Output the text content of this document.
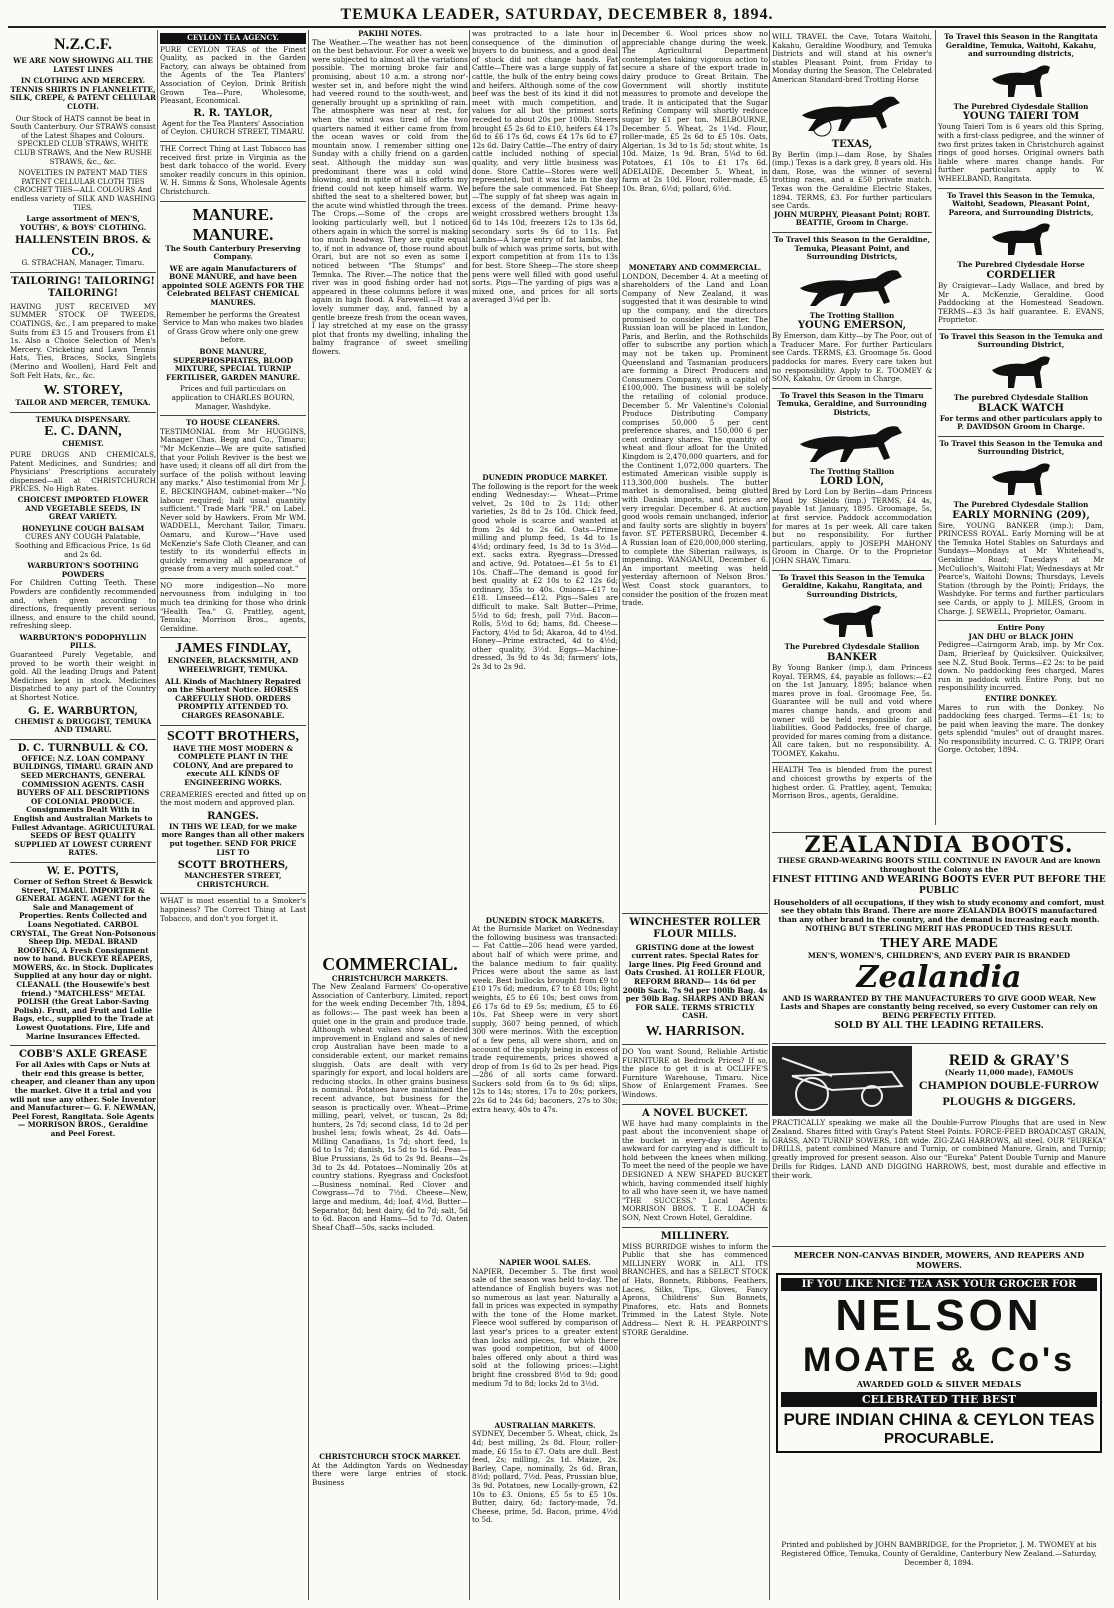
TEMUKA LEADER, SATURDAY, DECEMBER 8, 1894.
N.Z.C.F.
WE ARE NOW SHOWING ALL THE LATEST LINES
IN CLOTHING AND MERCERY. TENNIS SHIRTS IN FLANNELETTE, SILK, CREPE, & PATENT CELLULAR CLOTH.
Our Stock of HATS cannot be beat in South Canterbury. Our STRAWS consist of the Latest Shapes and Colours. SPECKLED CLUB STRAWS, WHITE CLUB STRAWS, And the New RUSHE STRAWS, &c., &c.
NOVELTIES IN PATENT MAD TIES PATENT CELLULAR CLOTH TIES CROCHET TIES—ALL COLOURS And endless variety of SILK AND WASHING TIES.
Large assortment of MEN'S, YOUTHS', & BOYS' CLOTHING.
HALLENSTEIN BROS. & CO.,
G. STRACHAN, Manager, Timaru.
TAILORING! TAILORING! TAILORING!
HAVING JUST RECEIVED MY SUMMER STOCK OF TWEEDS, COATINGS, &c., I am prepared to make Suits from £3 15 and Trousers from £1 1s. Also a Choice Selection of Men's Mercery. Cricketing and Lawn Tennis Hats, Ties, Braces, Socks, Singlets (Merino and Woollen), Hard Felt and Soft Felt Hats, &c., &c.
W. STOREY,
TAILOR AND MERCER, TEMUKA.
TEMUKA DISPENSARY.
E. C. DANN,
CHEMIST.
PURE DRUGS AND CHEMICALS, Patent Medicines, and Sundries; and Physicians' Prescriptions accurately dispensed—all at CHRISTCHURCH PRICES. No High Rates.
CHOICEST IMPORTED FLOWER AND VEGETABLE SEEDS, IN GREAT VARIETY.
HONEYLINE COUGH BALSAM
CURES ANY COUGH Palatable, Soothing and Efficacious Price, 1s 6d and 2s 6d.
WARBURTON'S SOOTHING POWDERS
For Children Cutting Teeth. These Powders are confidently recommended and, when given according to directions, frequently prevent serious illness, and ensure to the child sound, refreshing sleep.
WARBURTON'S PODOPHYLLIN PILLS.
Guaranteed Purely Vegetable, and proved to be worth their weight in gold. All the leading Drugs and Patent Medicines kept in stock. Medicines Dispatched to any part of the Country at Shortest Notice.
G. E. WARBURTON,
CHEMIST & DRUGGIST, TEMUKA AND TIMARU.
D. C. TURNBULL & CO.
OFFICE: N.Z. LOAN COMPANY BUILDINGS, TIMARU. GRAIN AND SEED MERCHANTS, GENERAL COMMISSION AGENTS. CASH BUYERS OF ALL DESCRIPTIONS OF COLONIAL PRODUCE. Consignments Dealt With in English and Australian Markets to Fullest Advantage. AGRICULTURAL SEEDS OF BEST QUALITY SUPPLIED AT LOWEST CURRENT RATES.
W. E. POTTS,
Corner of Sefton Street & Beswick Street, TIMARU. IMPORTER & GENERAL AGENT. AGENT for the Sale and Management of Properties. Rents Collected and Loans Negotiated. CARBOL CRYSTAL, The Great Non-Poisonous Sheep Dip. MEDAL BRAND ROOFING, A Fresh Consignment now to hand. BUCKEYE REAPERS, MOWERS, &c. in Stock. Duplicates Supplied at any hour day or night. CLEANALL (the Housewife's best friend.) "MATCHLESS" METAL POLISH (the Great Labor-Saving Polish). Fruit, and Fruit and Lollie Bags, etc., supplied to the Trade at Lowest Quotations. Fire, Life and Marine Insurances Effected.
COBB'S AXLE GREASE
For all Axles with Caps or Nuts at their end this grease is better, cheaper, and cleaner than any upon the market. Give it a trial and you will not use any other. Sole Inventor and Manufacturer— G. F. NEWMAN, Peel Forest, Rangitata. Sole Agents— MORRISON BROS., Geraldine and Peel Forest.
CEYLON TEA AGENCY.
PURE CEYLON TEAS of the Finest Quality, as packed in the Garden Factory, can always be obtained from the Agents of the Tea Planters' Association of Ceylon. Drink British Grown Tea—Pure, Wholesome, Pleasant, Economical.
R. R. TAYLOR,
Agent for the Tea Planters' Association of Ceylon. CHURCH STREET, TIMARU.
THE Correct Thing at Last Tobacco has received first prize in Virginia as the best dark tobacco of the world. Every smoker readily concurs in this opinion. W. H. Simms & Sons, Wholesale Agents Christchurch.
MANURE. MANURE.
The South Canterbury Preserving Company.
WE are again Manufacturers of BONE MANURE, and have been appointed SOLE AGENTS FOR THE Celebrated BELFAST CHEMICAL MANURES.
Remember he performs the Greatest Service to Man who makes two blades of Grass Grow where only one grew before.
BONE MANURE, SUPERPHOSPHATES, BLOOD MIXTURE, SPECIAL TURNIP FERTILISER, GARDEN MANURE.
Prices and full particulars on application to CHARLES BOURN, Manager, Washdyke.
TO HOUSE CLEANERS.
TESTIMONIAL from Mr HUGGINS, Manager Chas. Begg and Co., Timaru: "Mr McKenzie—We are quite satisfied that your Polish Reviver is the best we have used; it cleans off all dirt from the surface of the polish without leaving any marks." Also testimonial from Mr J. E. BECKINGHAM, cabinet-maker—"No labour required; half usual quantity sufficient." Trade Mark "P.R." on Label. Never sold by Hawkers. From Mr WM. WADDELL, Merchant Tailor, Timaru. Oamaru, and Kurow—"Have used McKenzie's Safe Cloth Cleaner, and can testify to its wonderful effects in quickly removing all appearance of grease from a very much soiled coat."
NO more indigestion—No more nervousness from indulging in too much tea drinking for those who drink "Health Tea." G. Prattley, agent, Temuka; Morrison Bros., agents, Geraldine.
JAMES FINDLAY,
ENGINEER, BLACKSMITH, AND WHEELWRIGHT, TEMUKA.
ALL Kinds of Machinery Repaired on the Shortest Notice. HORSES CAREFULLY SHOD. ORDERS PROMPTLY ATTENDED TO. CHARGES REASONABLE.
SCOTT BROTHERS,
HAVE THE MOST MODERN & COMPLETE PLANT IN THE COLONY, And are prepared to execute ALL KINDS OF ENGINEERING WORKS.
CREAMERIES erected and fitted up on the most modern and approved plan.
RANGES.
IN THIS WE LEAD, for we make more Ranges than all other makers put together. SEND FOR PRICE LIST TO
SCOTT BROTHERS,
MANCHESTER STREET, CHRISTCHURCH.
WHAT is most essential to a Smoker's happiness? The Correct Thing at Last Tobacco, and don't you forget it.
PAKIHI NOTES.
The Weather.—The weather has not been on the best behaviour. For over a week we were subjected to almost all the variations possible. The morning broke fair and promising, about 10 a.m. a strong nor'-wester set in, and before night the wind had veered round to the south-west, and generally brought up a sprinkling of rain. The atmosphere was near at rest, for when the wind was tired of the two quarters named it either came from from the ocean waves or cold from the mountain snow. I remember sitting one Sunday with a chilly friend on a garden seat. Although the midday sun was predominant there was a cold wind blowing, and in spite of all his efforts my friend could not keep himself warm. We shifted the seat to a sheltered bower, but the acute wind whistled through the trees. The Crops.—Some of the crops are looking particularly well, but I noticed others again in which the sorrel is making too much headway. They are quite equal to, if not in advance of, those round about Orari, but are not so even as some I noticed between "The Stumps" and Temuka. The River.—The notice that the river was in good fishing order had not appeared in these columns before it was again in high flood. A Farewell.—It was a lovely summer day, and, fanned by a gentle breeze fresh from the ocean waves, I lay stretched at my ease on the grassy plot that fronts my dwelling, inhaling the balmy fragrance of sweet smelling flowers.
COMMERCIAL.
CHRISTCHURCH MARKETS.
The New Zealand Farmers' Co-operative Association of Canterbury, Limited, report for the week ending December 7th, 1894, as follows:— The past week has been a quiet one in the grain and produce trade. Although wheat values show a decided improvement in England and sales of new crop Australian have been made to a considerable extent, our market remains sluggish. Oats are dealt with very sparingly for export, and local holders are reducing stocks. In other grains business is nominal. Potatoes have maintained the recent advance, but business for the season is practically over. Wheat—Prime milling, pearl, velvet, or tuscan, 2s 8d; hunters, 2s 7d; second class, 1d to 2d per bushel less; fowls wheat, 2s 4d. Oats—Milling Canadians, 1s 7d; short feed, 1s 6d to 1s 7d; danish, 1s 5d to 1s 6d. Peas—Blue Prussians, 2s 6d to 2s 9d. Beans—2s 3d to 2s 4d. Potatoes—Nominally 20s at country stations. Ryegrass and Cocksfoot—Business nominal. Red Clover and Cowgrass—7d to 7½d. Cheese—New, large and medium, 4d; loaf, 4½d. Butter—Separator, 8d; best dairy, 6d to 7d; salt, 5d to 6d. Bacon and Hams—5d to 7d. Oaten Sheaf Chaff—50s, sacks included.
CHRISTCHURCH STOCK MARKET.
At the Addington Yards on Wednesday there were large entries of stock. Business
was protracted to a late hour in consequence of the diminution of buyers to do business, and a good deal of stock did not change hands. Fat Cattle—There was a large supply of fat cattle, the bulk of the entry being cows and heifers. Although some of the cow beef was the best of its kind it did not meet with much competition, and values for all but the primest sorts receded to about 20s per 100lb. Steers brought £5 2s 6d to £10, heifers £4 17s 6d to £6 17s 6d, cows £4 17s 6d to £7 12s 6d. Dairy Cattle—The entry of dairy cattle included nothing of special quality, and very little business was done. Store Cattle—Stores were well represented, but it was late in the day before the sale commenced. Fat Sheep—The supply of fat sheep was again in excess of the demand. Prime heavy-weight crossbred wethers brought 13s 6d to 14s 10d, freezers 12s to 13s 6d, secondary sorts 9s 6d to 11s. Fat Lambs—A large entry of fat lambs, the bulk of which was prime sorts, but with export competition at from 11s to 13s for best. Store Sheep—The store sheep pens were well filled with good useful sorts. Pigs—The yarding of pigs was a mixed one, and prices for all sorts averaged 3¼d per lb.
DUNEDIN PRODUCE MARKET.
The following is the report for the week ending Wednesday:— Wheat—Prime velvet, 2s 10d to 2s 11d; other varieties, 2s 8d to 2s 10d. Chick feed, good whole is scarce and wanted at from 2s 4d to 2s 6d. Oats—Prime milling and plump feed, 1s 4d to 1s 4½d; ordinary feed, 1s 3d to 1s 3½d—ext. sacks extra. Ryegrass—Dressed and active, 9d. Potatoes—£1 5s to £1 10s. Chaff—The demand is good for best quality at £2 10s to £2 12s 6d; ordinary, 35s to 40s. Onions—£17 to £18. Linseed—£12. Pigs—Sales are difficult to make. Salt Butter—Prime, 5½d to 6d; fresh, poll 7½d. Bacon—Rolls, 5½d to 6d; hams, 8d. Cheese—Factory, 4½d to 5d; Akaroa, 4d to 4½d. Honey—Prime extracted, 4d to 4½d; other quality, 3½d. Eggs—Machine-dressed, 3s 9d to 4s 3d; farmers' lots, 2s 3d to 2s 9d.
DUNEDIN STOCK MARKETS.
At the Burnside Market on Wednesday the following business was transacted:— Fat Cattle—206 head were yarded, about half of which were prime, and the balance medium to fair quality. Prices were about the same as last week. Best bullocks brought from £9 to £10 17s 6d; medium, £7 to £8 10s; light weights, £5 to £6 10s; best cows from £6 17s 6d to £9 5s; medium, £5 to £6 10s. Fat Sheep were in very short supply, 3607 being penned, of which 300 were merinos. With the exception of a few pens, all were shorn, and on account of the supply being in excess of trade requirements, prices showed a drop of from 1s 6d to 2s per head. Pigs—286 of all sorts came forward. Suckers sold from 6s to 9s 6d; slips, 12s to 14s; stores, 17s to 20s; porkers, 22s 6d to 24s 6d; baconers, 27s to 30s; extra heavy, 40s to 47s.
NAPIER WOOL SALES.
NAPIER, December 5. The first wool sale of the season was held to-day. The attendance of English buyers was not so numerous as last year. Naturally a fall in prices was expected in sympathy with the tone of the Home market. Fleece wool suffered by comparison of last year's prices to a greater extent than locks and pieces, for which there was good competition, but of 4000 bales offered only about a third was sold at the following prices:—Light bright fine crossbred 8½d to 9d; good medium 7d to 8d; locks 2d to 3½d.
AUSTRALIAN MARKETS.
SYDNEY, December 5. Wheat, chick, 2s 4d; best milling, 2s 8d. Flour, roller-made, £6 15s to £7. Oats are dull. Best feed, 2s; milling, 2s 1d. Maize, 2s. Barley, Cape, nominally, 2s 6d. Bran, 8½d; pollard, 7½d. Peas, Prussian blue, 3s 9d. Potatoes, new Locally-grown, £2 10s to £3. Onions, £5 5s to £5 10s. Butter, dairy, 6d; factory-made, 7d. Cheese, prime, 5d. Bacon, prime, 4½d to 5d.
December 6. Wool prices show no appreciable change during the week. The Agricultural Department contemplates taking vigorous action to secure a share of the export trade in dairy produce to Great Britain. The Government will shortly institute measures to promote and develope the trade. It is anticipated that the Sugar Refining Company will shortly reduce sugar by £1 per ton. MELBOURNE, December 5. Wheat, 2s 1¼d. Flour, roller-made, £5 2s 6d to £5 10s. Oats, Algerian, 1s 3d to 1s 5d; stout white, 1s 10d. Maize, 1s 9d. Bran, 5¼d to 6d. Potatoes, £1 10s to £1 17s 6d. ADELAIDE, December 5. Wheat, in farm at 2s 10d. Flour, roller-made, £5 10s. Bran, 6½d; pollard, 6½d.
MONETARY AND COMMERCIAL.
LONDON, December 4. At a meeting of shareholders of the Land and Loan Company of New Zealand, it was suggested that it was desirable to wind up the company, and the directors promised to consider the matter. The Russian loan will be placed in London, Paris, and Berlin, and the Rothschilds offer to subscribe any portion which may not be taken up. Prominent Queensland and Tasmanian producers are forming a Direct Producers and Consumers Company, with a capital of £100,000. The business will be solely the retailing of colonial produce. December 5. Mr Valentine's Colonial Produce Distributing Company comprises 50,000 5 per cent preference shares, and 150,000 6 per cent ordinary shares. The quantity of wheat and flour afloat for the United Kingdom is 2,470,000 quarters, and for the Continent 1,072,000 quarters. The estimated American visible supply is 113,300,000 bushels. The butter market is demoralised, being glutted with Danish imports, and prices are very irregular. December 6. At auction good wools remain unchanged, inferior and faulty sorts are slightly in buyers' favor. ST. PETERSBURG, December 4. A Russian loan of £20,000,000 sterling, to complete the Siberian railways, is impending. WANGANUI, December 6. An important meeting was held yesterday afternoon of Nelson Bros.' West Coast stock guarantors, to consider the position of the frozen meat trade.
WINCHESTER ROLLER FLOUR MILLS.
GRISTING done at the lowest current rates. Special Rates for large lines. Pig Feed Ground and Oats Crushed. A1 ROLLER FLOUR, REFORM BRAND— 14s 6d per 200lb Sack. 7s 9d per 100lb Bag. 4s per 50lb Bag. SHARPS AND BRAN FOR SALE. TERMS STRICTLY CASH.
W. HARRISON.
DO You want Sound, Reliable Artistic FURNITURE at Bedrock Prices? If so, the place to get it is at OCLIFFE'S Furniture Warehouse, Timaru. Nice Show of Enlargement Frames. See Windows.
A NOVEL BUCKET.
WE have had many complaints in the past about the inconvenient shape of the bucket in every-day use. It is awkward for carrying and is difficult to hold between the knees when milking. To meet the need of the people we have DESIGNED A NEW SHAPED BUCKET which, having commended itself highly to all who have seen it, we have named "THE SUCCESS." Local Agents: MORRISON BROS. T. E. LOACH & SON, Next Crown Hotel, Geraldine.
MILLINERY.
MISS BURRIDGE wishes to inform the Public that she has commenced MILLINERY WORK in ALL ITS BRANCHES, and has a SELECT STOCK of Hats, Bonnets, Ribbons, Feathers, Laces, Silks, Tips, Gloves, Fancy Aprons, Childrens' Sun Bonnets, Pinafores, etc. Hats and Bonnets Trimmed in the Latest Style. Note Address— Next R. H. PEARPOINT'S STORE Geraldine.
WILL TRAVEL the Cave, Totara Waitohi, Kakahu, Geraldine Woodbury, and Temuka Districts and will stand at his owner's stables Pleasant Point, from Friday to Monday during the Season, The Celebrated American Standard-bred Trotting Horse
TEXAS,
By Berlin (imp.)—dam Rose, by Shales (imp.) Texas is a dark grey, 8 years old. His dam, Rose, was the winner of several trotting races, and a £50 private match. Texas won the Geraldine Electric Stakes, 1894. TERMS, £3. For further particulars see Cards.
JOHN MURPHY, Pleasant Point; ROBT. BEATTIE, Groom in Charge.
To Travel this Season in the Geraldine, Temuka, Pleasant Point, and Surrounding Districts,
The Trotting Stallion
YOUNG EMERSON,
By Emerson, dam Kitty—by The Poor, out of a Traducer Mare. For further Particulars see Cards. TERMS, £3. Groomage 5s. Good paddocks for mares. Every care taken but no responsibility. Apply to E. TOOMEY & SON, Kakahu, Or Groom in Charge.
To Travel this Season in the Timaru Temuka, Geraldine, and Surrounding Districts,
The Trotting Stallion
LORD LON,
Bred by Lord Lon by Berlin—dam Princess Maud by Shields (imp.) TERMS, £4 4s, payable 1st January, 1895. Groomage, 5s, at first service. Paddock accommodation for mares at 1s per week. All care taken but no responsibility. For further particulars, apply to JOSEPH MAHONY Groom in Charge. Or to the Proprietor JOHN SHAW, Timaru.
To Travel this Season in the Temuka Geraldine, Kakahu, Rangitata, and Surrounding Districts,
The Purebred Clydesdale Stallion
BANKER
By Young Banker (imp.), dam Princess Royal. TERMS, £4, payable as follows:—£2 on the 1st January, 1895; balance when mares prove in foal. Groomage Fee, 5s. Guarantee will be null and void where mares change hands, and groom and owner will be held responsible for all liabilities. Good Paddocks, free of charge, provided for mares coming from a distance. All care taken, but no responsibility. A. TOOMEY, Kakahu.
HEALTH Tea is blended from the purest and choicest growths by experts of the highest order. G. Prattley, agent, Temuka; Morrison Bros., agents, Geraldine.
To Travel this Season in the Rangitata Geraldine, Temuka, Waitohi, Kakahu, and surrounding districts,
The Purebred Clydesdale Stallion
YOUNG TAIERI TOM
Young Taieri Tom is 6 years old this Spring, with a first-class pedigree, and the winner of two first prizes taken in Christchurch against rings of good horses. Original owners bath liable where mares change hands. For further particulars apply to W. WHEELBAND, Rangitata.
To Travel this Season in the Temuka, Waitohi, Seadown, Pleasant Point, Pareora, and Surrounding Districts,
The Purebred Clydesdale Horse
CORDELIER
By Craigievar—Lady Wallace, and bred by Mr A. McKenzie, Geraldine. Good Paddocking at the Homestead Seadown. TERMS—£3 3s half guarantee. E. EVANS, Proprietor.
To Travel this Season in the Temuka and Surrounding District,
The purebred Clydesdale Stallion
BLACK WATCH
For terms and other particulars apply to P. DAVIDSON Groom in Charge.
To Travel this Season in the Temuka and Surrounding District,
The Purebred Clydesdale Stallion
EARLY MORNING (209),
Sire, YOUNG BANKER (imp.); Dam, PRINCESS ROYAL. Early Morning will be at the Temuka Hotel Stables on Saturdays and Sundays—Mondays at Mr Whitehead's, Geraldine Road; Tuesdays at Mr McCulloch's, Waitohi Flat; Wednesdays at Mr Pearce's, Waitohi Downs; Thursdays, Levels Station (through by the Point); Fridays, the Washdyke. For terms and further particulars see Cards, or apply to J. MILES, Groom in Charge. J. SEWELL, Proprietor, Oamaru.
Entire Pony
JAN DHU or BLACK JOHN
Pedigree—Cairngorm Arab, imp. by Mr Cox. Dam, Brierleaf by Quicksilver. Quicksilver, see N.Z. Stud Book. Terms—£2 2s: to be paid down. No paddocking fees charged. Mares run in paddock with Entire Pony, but no responsibility incurred.
ENTIRE DONKEY.
Mares to run with the Donkey. No paddocking fees charged. Terms—£1 1s; to be paid when leaving the mare. The donkey gets splendid "mules" out of draught mares. No responsibility incurred. C. G. TRIPP, Orari Gorge. October, 1894.
ZEALANDIA BOOTS.
THESE GRAND-WEARING BOOTS STILL CONTINUE IN FAVOUR And are known throughout the Colony as the
FINEST FITTING AND WEARING BOOTS EVER PUT BEFORE THE PUBLIC
Householders of all occupations, if they wish to study economy and comfort, must see they obtain this Brand. There are more ZEALANDIA BOOTS manufactured than any other brand in the country, and the demand is increasing each month. NOTHING BUT STERLING MERIT HAS PRODUCED THIS RESULT.
THEY ARE MADE
MEN'S, WOMEN'S, CHILDREN'S, AND EVERY PAIR IS BRANDED
Zealandia
AND IS WARRANTED BY THE MANUFACTURERS TO GIVE GOOD WEAR. New Lasts and Shapes are constantly being received, so every Customer can rely on BEING PERFECTLY FITTED.
SOLD BY ALL THE LEADING RETAILERS.
REID & GRAY'S
(Nearly 11,000 made), FAMOUS
CHAMPION DOUBLE-FURROW PLOUGHS & DIGGERS.
PRACTICALLY speaking we make all the Double-Furrow Ploughs that are used in New Zealand. Shares fitted with Gray's Patent Steel Points. FORCE-FEED BROADCAST GRAIN, GRASS, AND TURNIP SOWERS, 18ft wide. ZIG-ZAG HARROWS, all steel. OUR "EUREKA" DRILLS, patent combined Manure and Turnip, or combined Manure, Grain, and Turnip; greatly improved for present season. Also our "Eureka" Patent Double Turnip and Manure Drills for Ridges. LAND AND DIGGING HARROWS, best, most durable and effective in their work.
MERCER NON-CANVAS BINDER, MOWERS, AND REAPERS AND MOWERS.
IF YOU LIKE NICE TEA ASK YOUR GROCER FOR
NELSON
MOATE & Co's
AWARDED GOLD & SILVER MEDALS
CELEBRATED THE BEST
PURE INDIAN CHINA & CEYLON TEAS
PROCURABLE.
Printed and published by JOHN BAMBRIDGE, for the Proprietor, J. M. TWOMEY at his Registered Office, Temuka, County of Geraldine, Canterbury New Zealand.—Saturday, December 8, 1894.
